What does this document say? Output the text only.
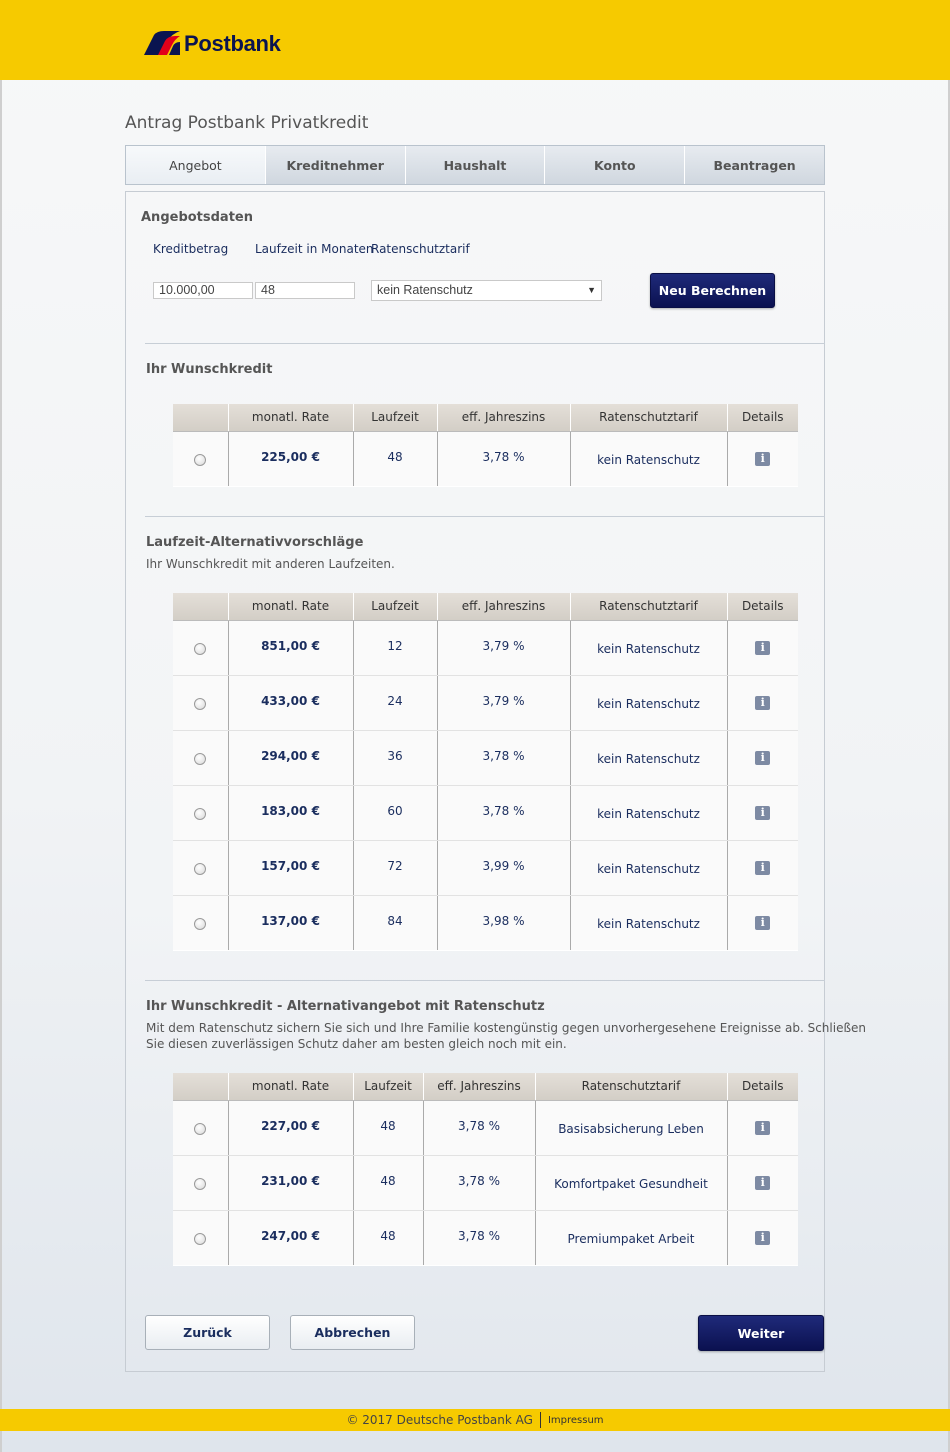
Postbank
Antrag Postbank Privatkredit
Angebot	Kreditnehmer	Haushalt	Konto	Beantragen
Angebotsdaten
Kreditbetrag Laufzeit in Monaten
Ratenschutztarif
10.000,00	48	kein Ratenschutz	▼	Neu Berechnen
Ihr Wunschkredit
	monatl. Rate	Laufzeit	eff. Jahreszins	Ratenschutztarif	Details
	225,00 €	48	3,78 %	kein Ratenschutz	i
Laufzeit-Alternativvorschläge
Ihr Wunschkredit mit anderen Laufzeiten.
	monatl. Rate	Laufzeit	eff. Jahreszins	Ratenschutztarif	Details
	851,00 €	12	3,79 %	kein Ratenschutz	i
	433,00 €	24	3,79 %	kein Ratenschutz	i
	294,00 €	36	3,78 %	kein Ratenschutz	i
	183,00 €	60	3,78 %	kein Ratenschutz	i
	157,00 €	72	3,99 %	kein Ratenschutz	i
	137,00 €	84	3,98 %	kein Ratenschutz	i
Ihr Wunschkredit - Alternativangebot mit Ratenschutz
Mit dem Ratenschutz sichern Sie sich und Ihre Familie kostengünstig gegen unvorhergesehene Ereignisse ab. Schließen
Sie diesen zuverlässigen Schutz daher am besten gleich noch mit ein.
	monatl. Rate	Laufzeit	eff. Jahreszins	Ratenschutztarif	Details
	227,00 €	48	3,78 %	Basisabsicherung Leben	i
	231,00 €	48	3,78 %	Komfortpaket Gesundheit	i
	247,00 €	48	3,78 %	Premiumpaket Arbeit	i
Zurück	Abbrechen	Weiter
© 2017 Deutsche Postbank AG Impressum
